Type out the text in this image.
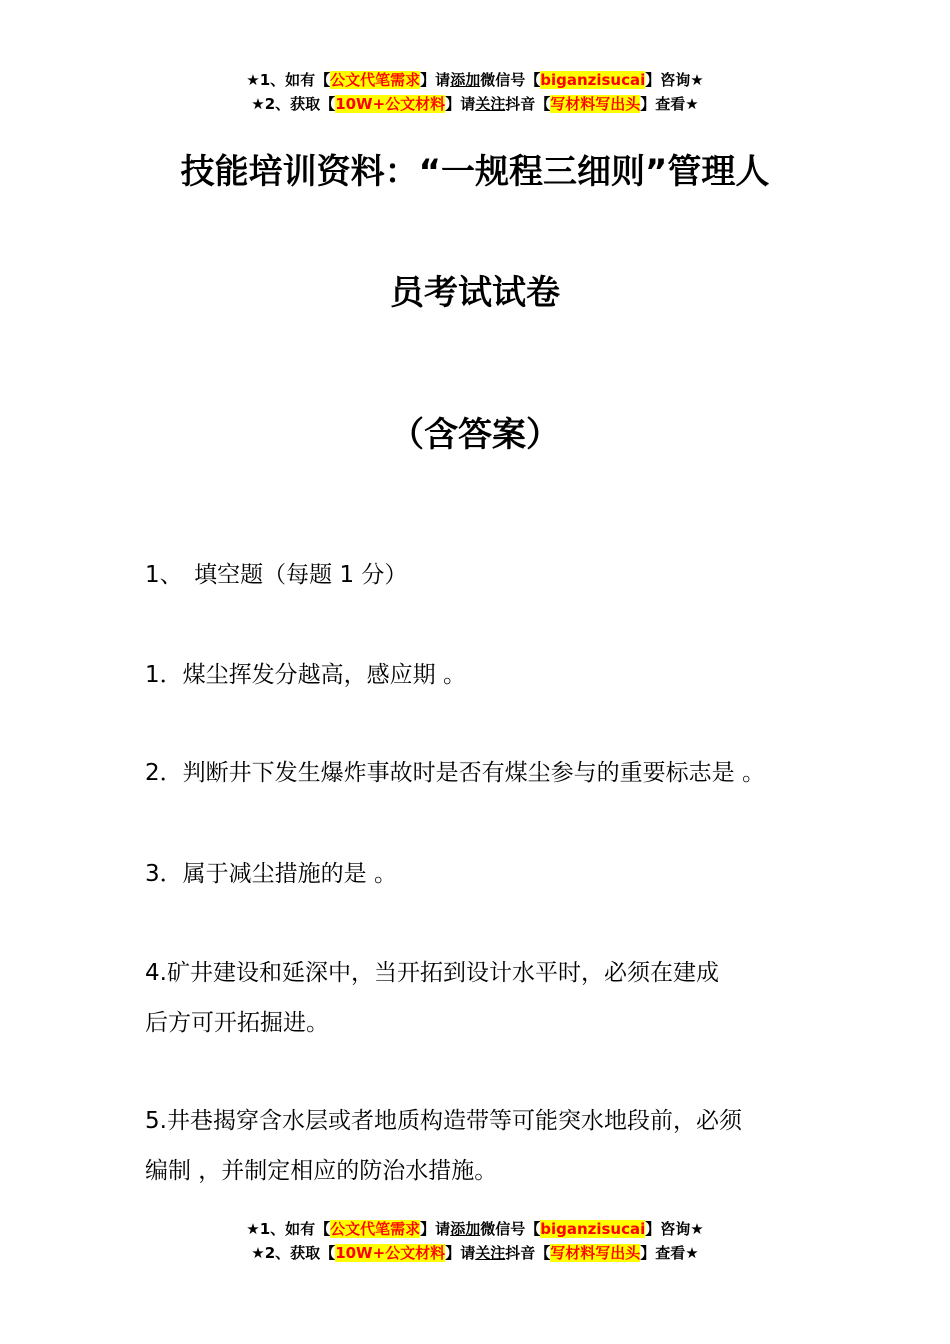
★1、如有【公文代笔需求】请添加微信号【biganzisucai】咨询★
★2、获取【10W+公文材料】请关注抖音【写材料写出头】查看★
技能培训资料：“一规程三细则”管理人
员考试试卷
（含答案）
1、　填空题（每题 1 分）
1．煤尘挥发分越高，感应期 。
2．判断井下发生爆炸事故时是否有煤尘参与的重要标志是 。
3．属于减尘措施的是 。
4.矿井建设和延深中，当开拓到设计水平时，必须在建成
后方可开拓掘进。
5.井巷揭穿含水层或者地质构造带等可能突水地段前，必须
编制 ，并制定相应的防治水措施。
★1、如有【公文代笔需求】请添加微信号【biganzisucai】咨询★
★2、获取【10W+公文材料】请关注抖音【写材料写出头】查看★
